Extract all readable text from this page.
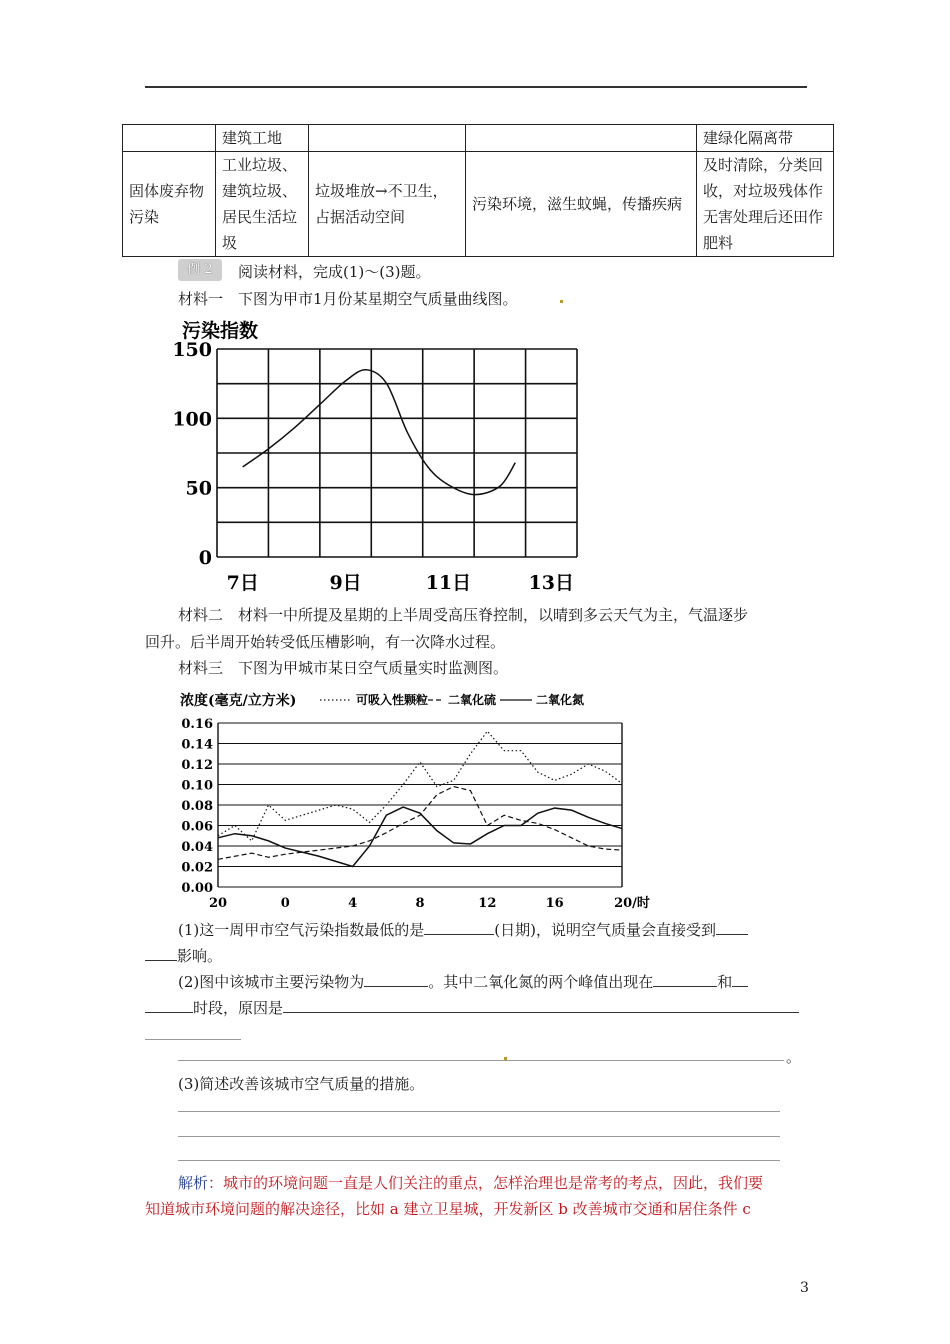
	建筑工地			建绿化隔离带
固体废弃物污染	工业垃圾、建筑垃圾、居民生活垃圾	垃圾堆放→不卫生，占据活动空间	污染环境，滋生蚊蝇，传播疾病	及时清除，分类回收，对垃圾残体作无害处理后还田作肥料
例 2	阅读材料，完成(1)～(3)题。
材料一　下图为甲市1月份某星期空气质量曲线图。
污染指数
150
100
50
0
7日	9日	11日	13日
材料二　材料一中所提及星期的上半周受高压脊控制，以晴到多云天气为主，气温逐步
回升。后半周开始转受低压槽影响，有一次降水过程。
材料三　下图为甲城市某日空气质量实时监测图。
浓度(毫克/立方米)	可吸入性颗粒 二氧化硫	二氧化氮
0.16
0.14
0.12
0.10
0.08
0.06
0.04
0.02
0.00
20	0	4	8	12	16	20/时
(1)这一周甲市空气污染指数最低的是	(日期)，说明空气质量会直接受到
影响。
(2)图中该城市主要污染物为	。其中二氧化氮的两个峰值出现在	和
时段，原因是
。
(3)简述改善该城市空气质量的措施。
解析：城市的环境问题一直是人们关注的重点，怎样治理也是常考的考点，因此，我们要
知道城市环境问题的解决途径，比如 a 建立卫星城，开发新区 b 改善城市交通和居住条件 c
3
